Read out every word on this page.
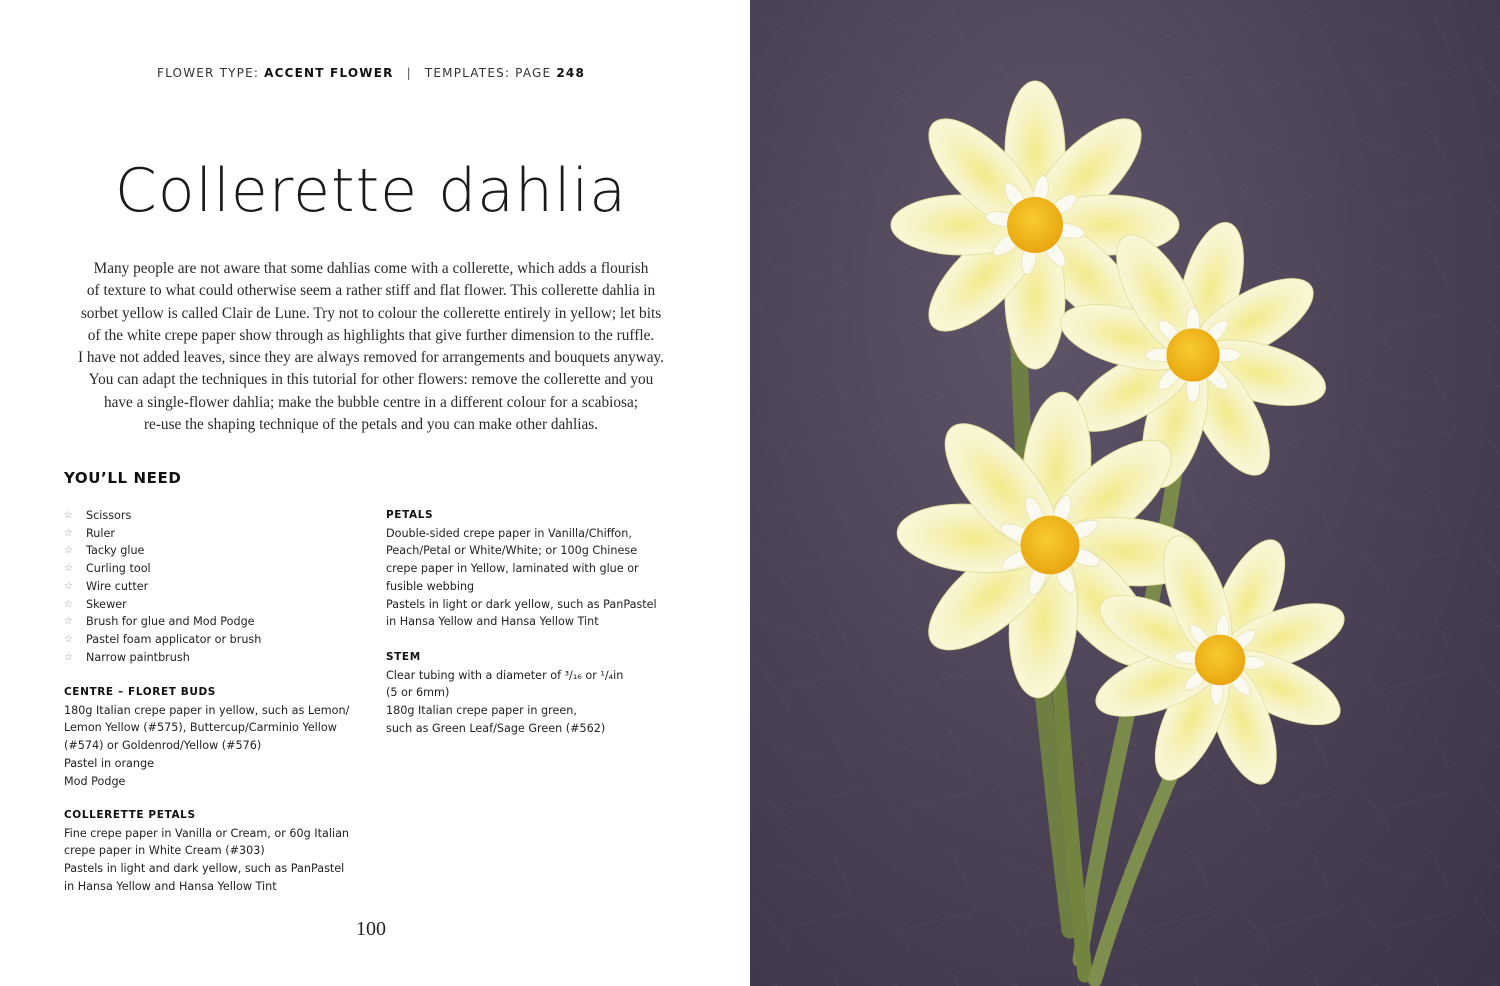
FLOWER TYPE: ACCENT FLOWER | TEMPLATES: PAGE 248
Collerette dahlia
Many people are not aware that some dahlias come with a collerette, which adds a flourish
of texture to what could otherwise seem a rather stiff and flat flower. This collerette dahlia in
sorbet yellow is called Clair de Lune. Try not to colour the collerette entirely in yellow; let bits
of the white crepe paper show through as highlights that give further dimension to the ruffle.
I have not added leaves, since they are always removed for arrangements and bouquets anyway.
You can adapt the techniques in this tutorial for other flowers: remove the collerette and you
have a single-flower dahlia; make the bubble centre in a different colour for a scabiosa;
re-use the shaping technique of the petals and you can make other dahlias.
YOU’LL NEED
☆	Scissors
☆	Ruler
☆	Tacky glue
☆	Curling tool
☆	Wire cutter
☆	Skewer
☆	Brush for glue and Mod Podge
☆	Pastel foam applicator or brush
☆	Narrow paintbrush
CENTRE – FLORET BUDS
180g Italian crepe paper in yellow, such as Lemon/
Lemon Yellow (#575), Buttercup/Carminio Yellow
(#574) or Goldenrod/Yellow (#576)
Pastel in orange
Mod Podge
COLLERETTE PETALS
Fine crepe paper in Vanilla or Cream, or 60g Italian
crepe paper in White Cream (#303)
Pastels in light and dark yellow, such as PanPastel
in Hansa Yellow and Hansa Yellow Tint
PETALS
Double-sided crepe paper in Vanilla/Chiffon,
Peach/Petal or White/White; or 100g Chinese
crepe paper in Yellow, laminated with glue or
fusible webbing
Pastels in light or dark yellow, such as PanPastel
in Hansa Yellow and Hansa Yellow Tint
STEM
Clear tubing with a diameter of ³/₁₆ or ¹/₄in
(5 or 6mm)
180g Italian crepe paper in green,
such as Green Leaf/Sage Green (#562)
100
